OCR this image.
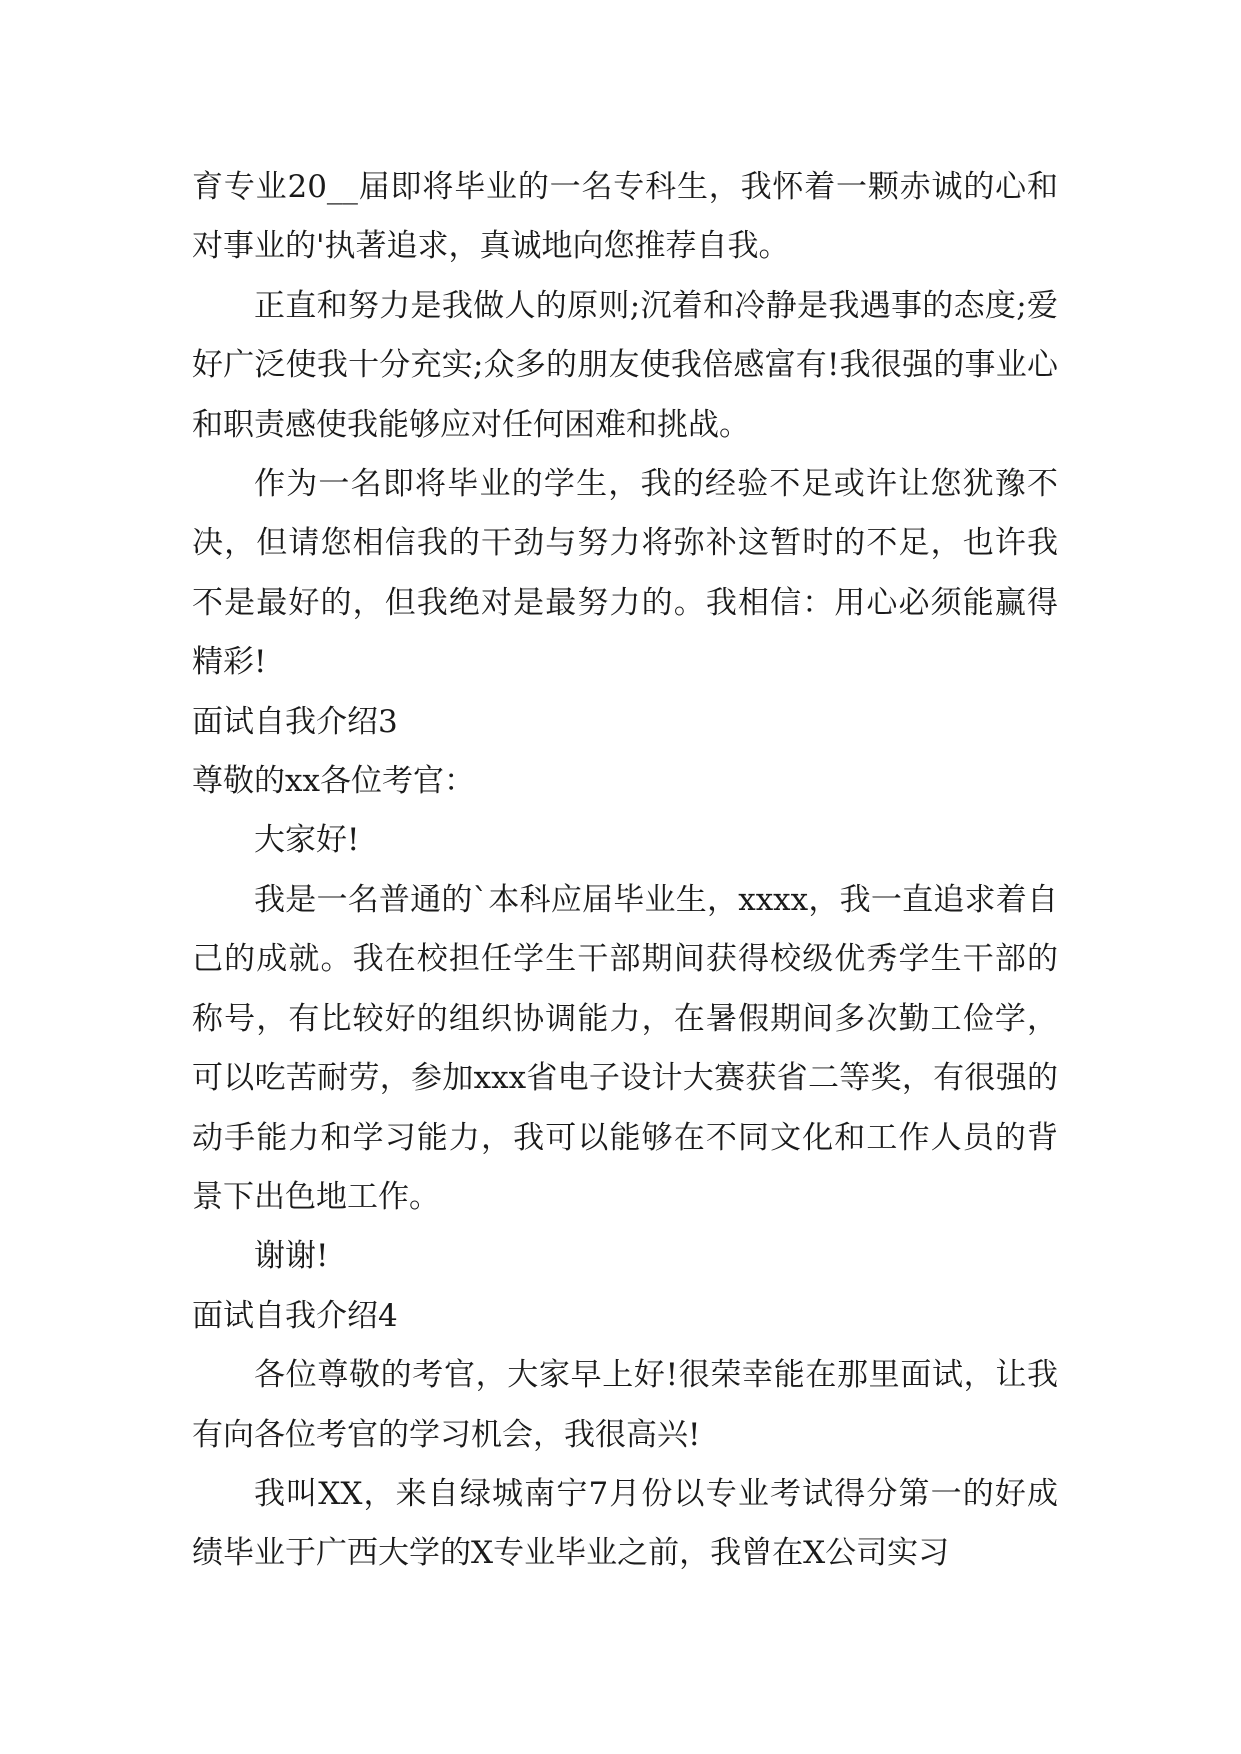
育专业20__届即将毕业的一名专科生，我怀着一颗赤诚的心和对事业的'执著追求，真诚地向您推荐自我。

正直和努力是我做人的原则;沉着和冷静是我遇事的态度;爱好广泛使我十分充实;众多的朋友使我倍感富有!我很强的事业心和职责感使我能够应对任何困难和挑战。

作为一名即将毕业的学生，我的经验不足或许让您犹豫不决，但请您相信我的干劲与努力将弥补这暂时的不足，也许我不是最好的，但我绝对是最努力的。我相信：用心必须能赢得精彩!

面试自我介绍3

尊敬的xx各位考官：

大家好!

我是一名普通的`本科应届毕业生，xxxx，我一直追求着自己的成就。我在校担任学生干部期间获得校级优秀学生干部的称号，有比较好的组织协调能力，在暑假期间多次勤工俭学，可以吃苦耐劳，参加xxx省电子设计大赛获省二等奖，有很强的动手能力和学习能力，我可以能够在不同文化和工作人员的背景下出色地工作。

谢谢!

面试自我介绍4

各位尊敬的考官，大家早上好!很荣幸能在那里面试，让我有向各位考官的学习机会，我很高兴!

我叫XX，来自绿城南宁7月份以专业考试得分第一的好成绩毕业于广西大学的X专业毕业之前，我曾在X公司实习
